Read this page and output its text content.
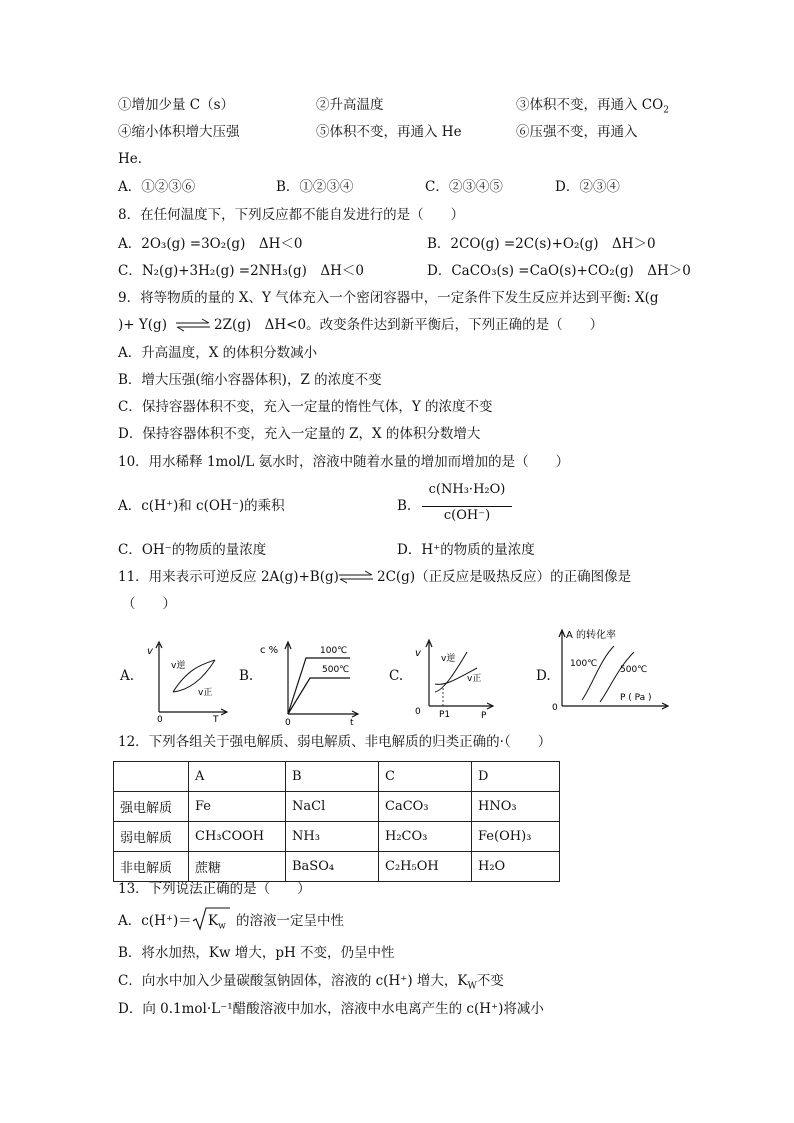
①增加少量 C（s）	②升高温度	③体积不变，再通入 $CO_2$
④缩小体积增大压强	⑤体积不变，再通入 He	⑥压强不变，再通入
He．
A．①②③⑥	B．①②③④	C．②③④⑤	D．②③④
8．在任何温度下，下列反应都不能自发进行的是（　　）
A．2O₃(g) =3O₂(g)　ΔH＜0	B．2CO(g) =2C(s)+O₂(g)　ΔH＞0
C．N₂(g)+3H₂(g) =2NH₃(g)　ΔH＜0	D．CaCO₃(s) =CaO(s)+CO₂(g)　ΔH＞0
9．将等物质的量的 X、Y 气体充入一个密闭容器中，一定条件下发生反应并达到平衡: X(g
)+ Y(g) ⇌ 2Z(g)　ΔH<0。改变条件达到新平衡后，下列正确的是（　　）
A．升高温度，X 的体积分数减小
B．增大压强(缩小容器体积)，Z 的浓度不变
C．保持容器体积不变，充入一定量的惰性气体，Y 的浓度不变
D．保持容器体积不变，充入一定量的 Z，X 的体积分数增大
10．用水稀释 1mol/L 氨水时，溶液中随着水量的增加而增加的是（　　）
A．c(H⁺)和 c(OH⁻)的乘积	B．
c(NH₃·H₂O)
c(OH⁻)
C．OH⁻的物质的量浓度	D．H⁺的物质的量浓度
11．用来表示可逆反应 2A(g)+B(g) ⇌ 2C(g)（正反应是吸热反应）的正确图像是
（　　）
A.	B.	C.	D.
v
T
0
v逆
v正
c %
t
0
100℃
500℃
v
P
0 P1
v逆
v正
A 的转化率
P ( Pa )
0
100℃
500℃
12．下列各组关于强电解质、弱电解质、非电解质的归类正确的·（　　）
	A	B	C	D
强电解质	Fe	NaCl	CaCO₃	HNO₃
弱电解质	CH₃COOH	NH₃	H₂CO₃	Fe(OH)₃
非电解质	蔗糖	BaSO₄	C₂H₅OH	H₂O
13．下列说法正确的是（　　）
A．$c(H^+)= K_w$ 的溶液一定呈中性
B．将水加热，Kw 增大，pH 不变，仍呈中性
C．向水中加入少量碳酸氢钠固体，溶液的 c(H⁺) 增大，$K_W$不变
D．向 0.1mol·L⁻¹醋酸溶液中加水，溶液中水电离产生的 c(H⁺)将减小
